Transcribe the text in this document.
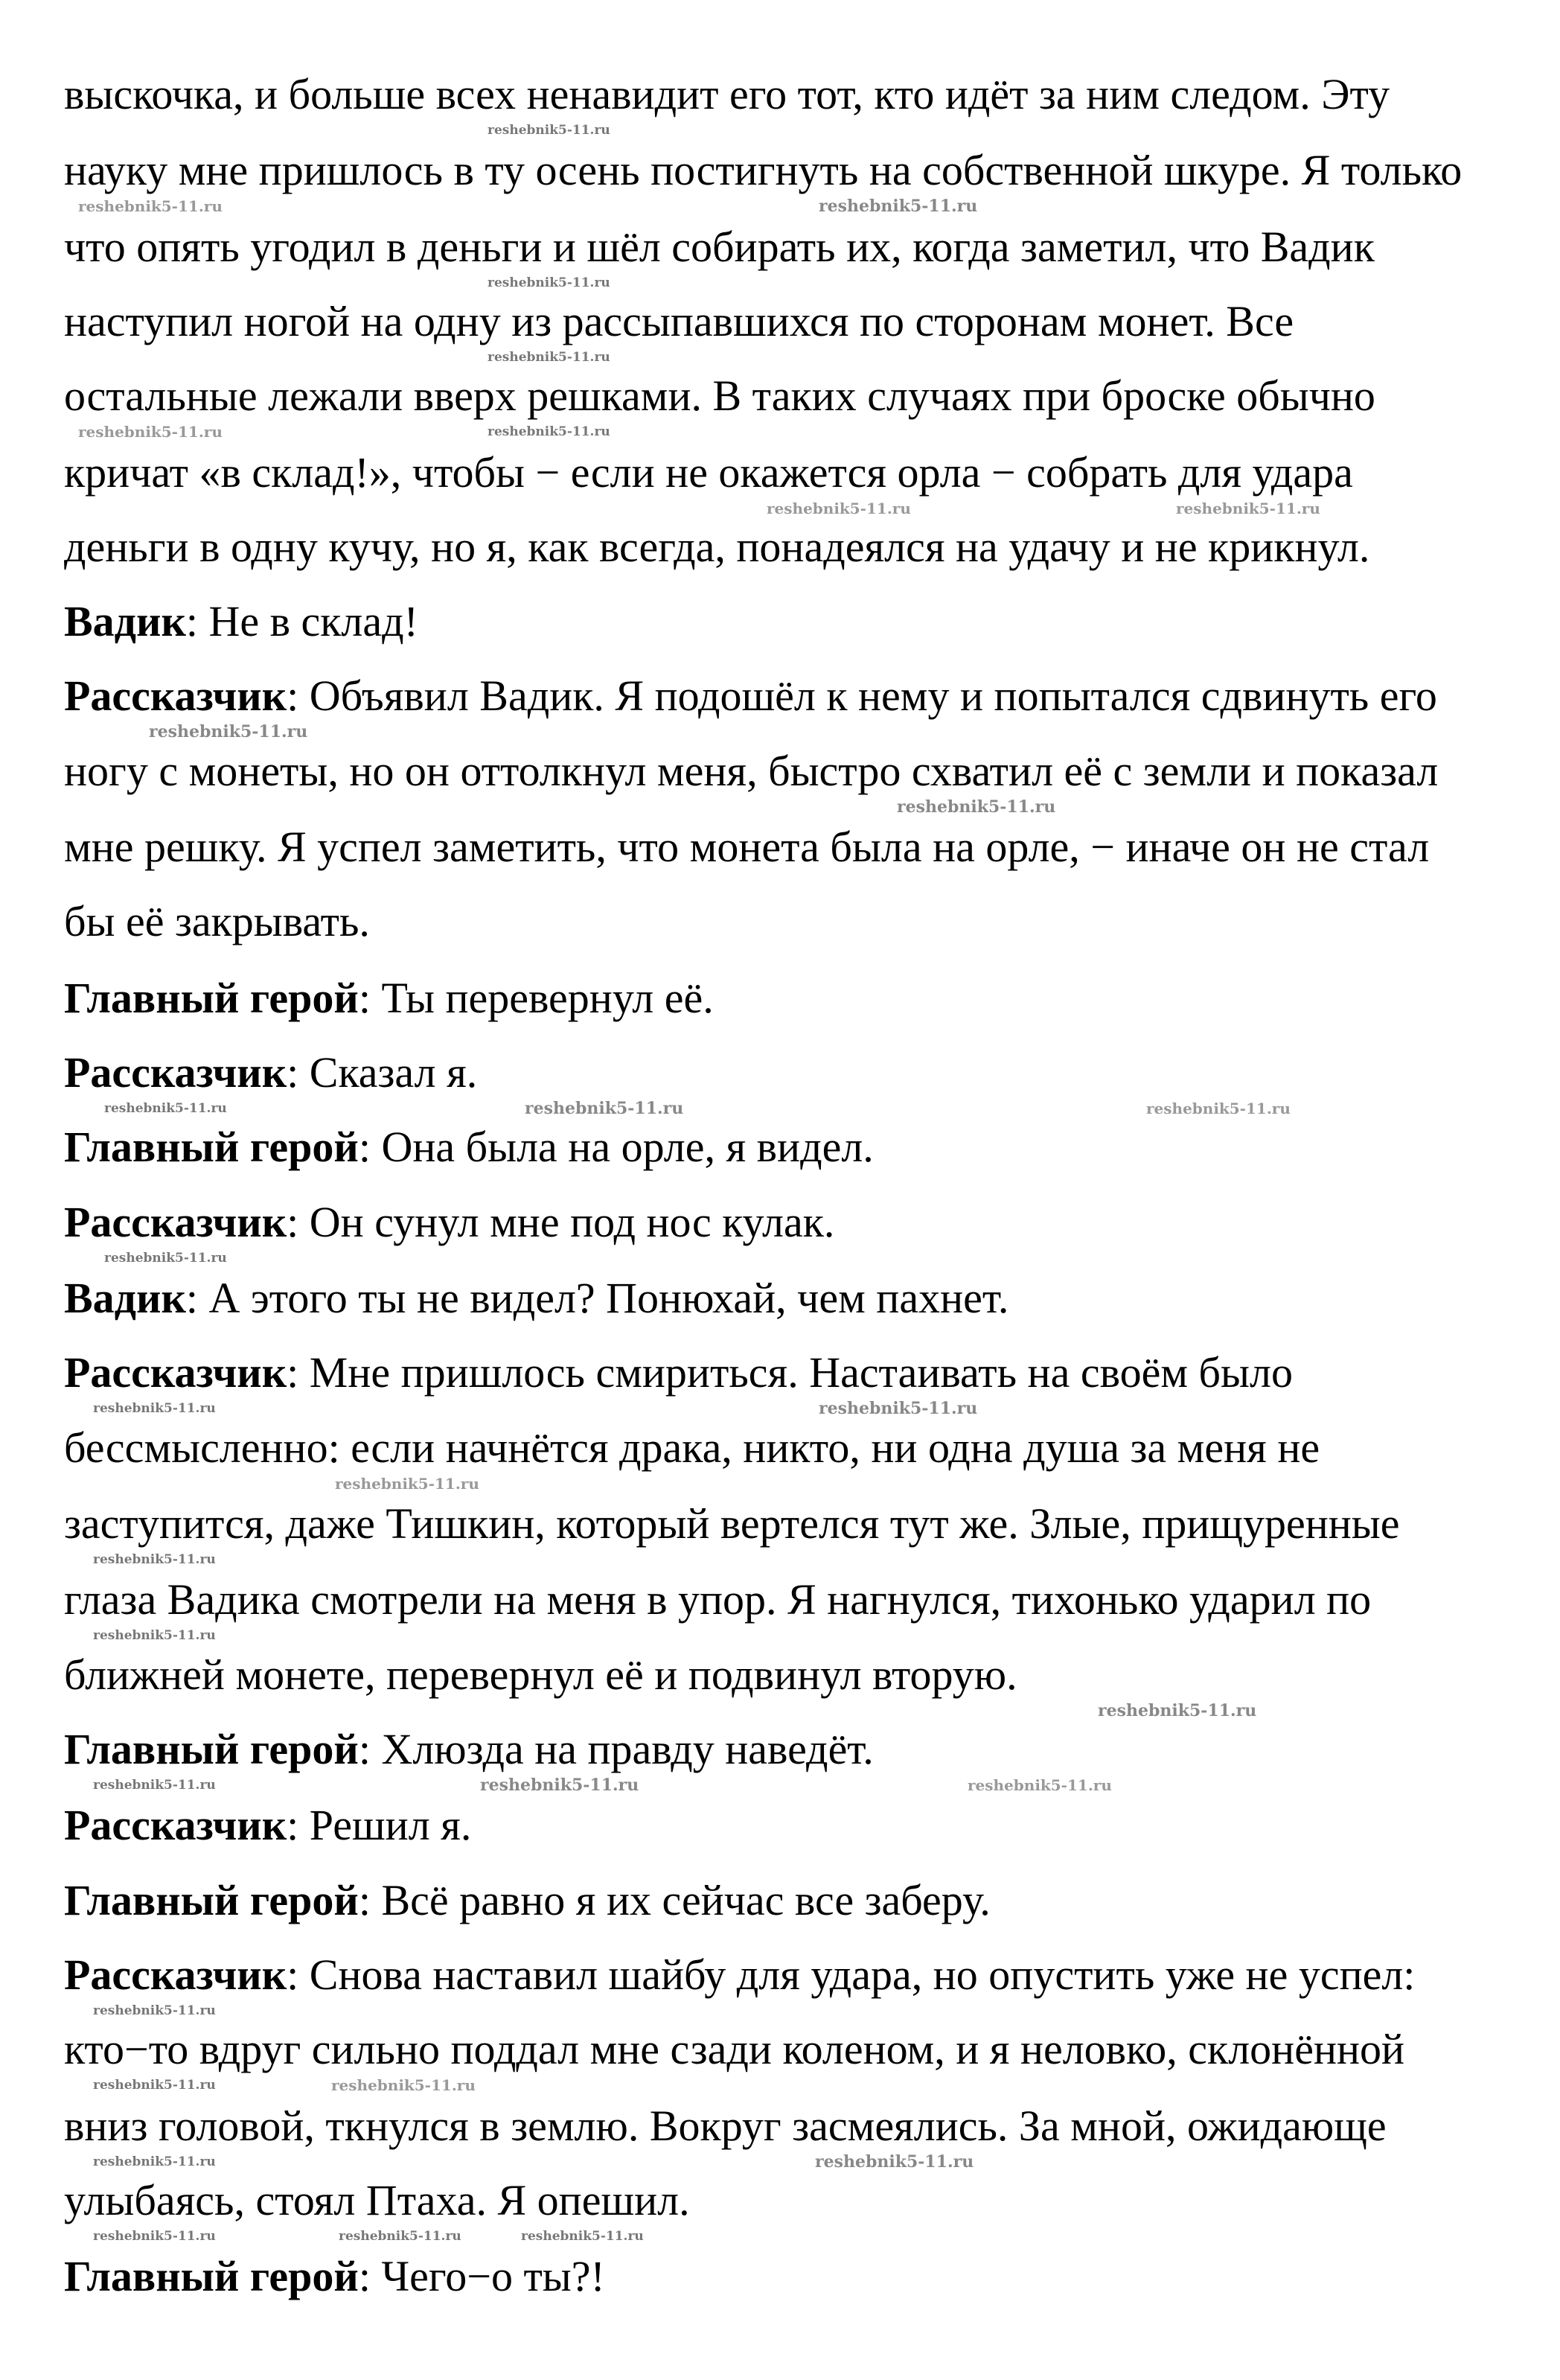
выскочка, и больше всех ненавидит его тот, кто идёт за ним следом. Эту
науку мне пришлось в ту осень постигнуть на собственной шкуре. Я только
что опять угодил в деньги и шёл собирать их, когда заметил, что Вадик
наступил ногой на одну из рассыпавшихся по сторонам монет. Все
остальные лежали вверх решками. В таких случаях при броске обычно
кричат «в склад!», чтобы − если не окажется орла − собрать для удара
деньги в одну кучу, но я, как всегда, понадеялся на удачу и не крикнул.
Вадик: Не в склад!
Рассказчик: Объявил Вадик. Я подошёл к нему и попытался сдвинуть его
ногу с монеты, но он оттолкнул меня, быстро схватил её с земли и показал
мне решку. Я успел заметить, что монета была на орле, − иначе он не стал
бы её закрывать.
Главный герой: Ты перевернул её.
Рассказчик: Сказал я.
Главный герой: Она была на орле, я видел.
Рассказчик: Он сунул мне под нос кулак.
Вадик: А этого ты не видел? Понюхай, чем пахнет.
Рассказчик: Мне пришлось смириться. Настаивать на своём было
бессмысленно: если начнётся драка, никто, ни одна душа за меня не
заступится, даже Тишкин, который вертелся тут же. Злые, прищуренные
глаза Вадика смотрели на меня в упор. Я нагнулся, тихонько ударил по
ближней монете, перевернул её и подвинул вторую.
Главный герой: Хлюзда на правду наведёт.
Рассказчик: Решил я.
Главный герой: Всё равно я их сейчас все заберу.
Рассказчик: Снова наставил шайбу для удара, но опустить уже не успел:
кто−то вдруг сильно поддал мне сзади коленом, и я неловко, склонённой
вниз головой, ткнулся в землю. Вокруг засмеялись. За мной, ожидающе
улыбаясь, стоял Птаха. Я опешил.
Главный герой: Чего−о ты?!
reshebnik5-11.ru
reshebnik5-11.ru	reshebnik5-11.ru
reshebnik5-11.ru
reshebnik5-11.ru
reshebnik5-11.ru	reshebnik5-11.ru
reshebnik5-11.ru	reshebnik5-11.ru
reshebnik5-11.ru
reshebnik5-11.ru
reshebnik5-11.ru
reshebnik5-11.ru	reshebnik5-11.ru
reshebnik5-11.ru
reshebnik5-11.ru
reshebnik5-11.ru
reshebnik5-11.ru
reshebnik5-11.ru
reshebnik5-11.ru
reshebnik5-11.ru
reshebnik5-11.ru	reshebnik5-11.ru
reshebnik5-11.ru
reshebnik5-11.ru
reshebnik5-11.ru	reshebnik5-11.ru
reshebnik5-11.ru
reshebnik5-11.ru
reshebnik5-11.ru	reshebnik5-11.ru	reshebnik5-11.ru
